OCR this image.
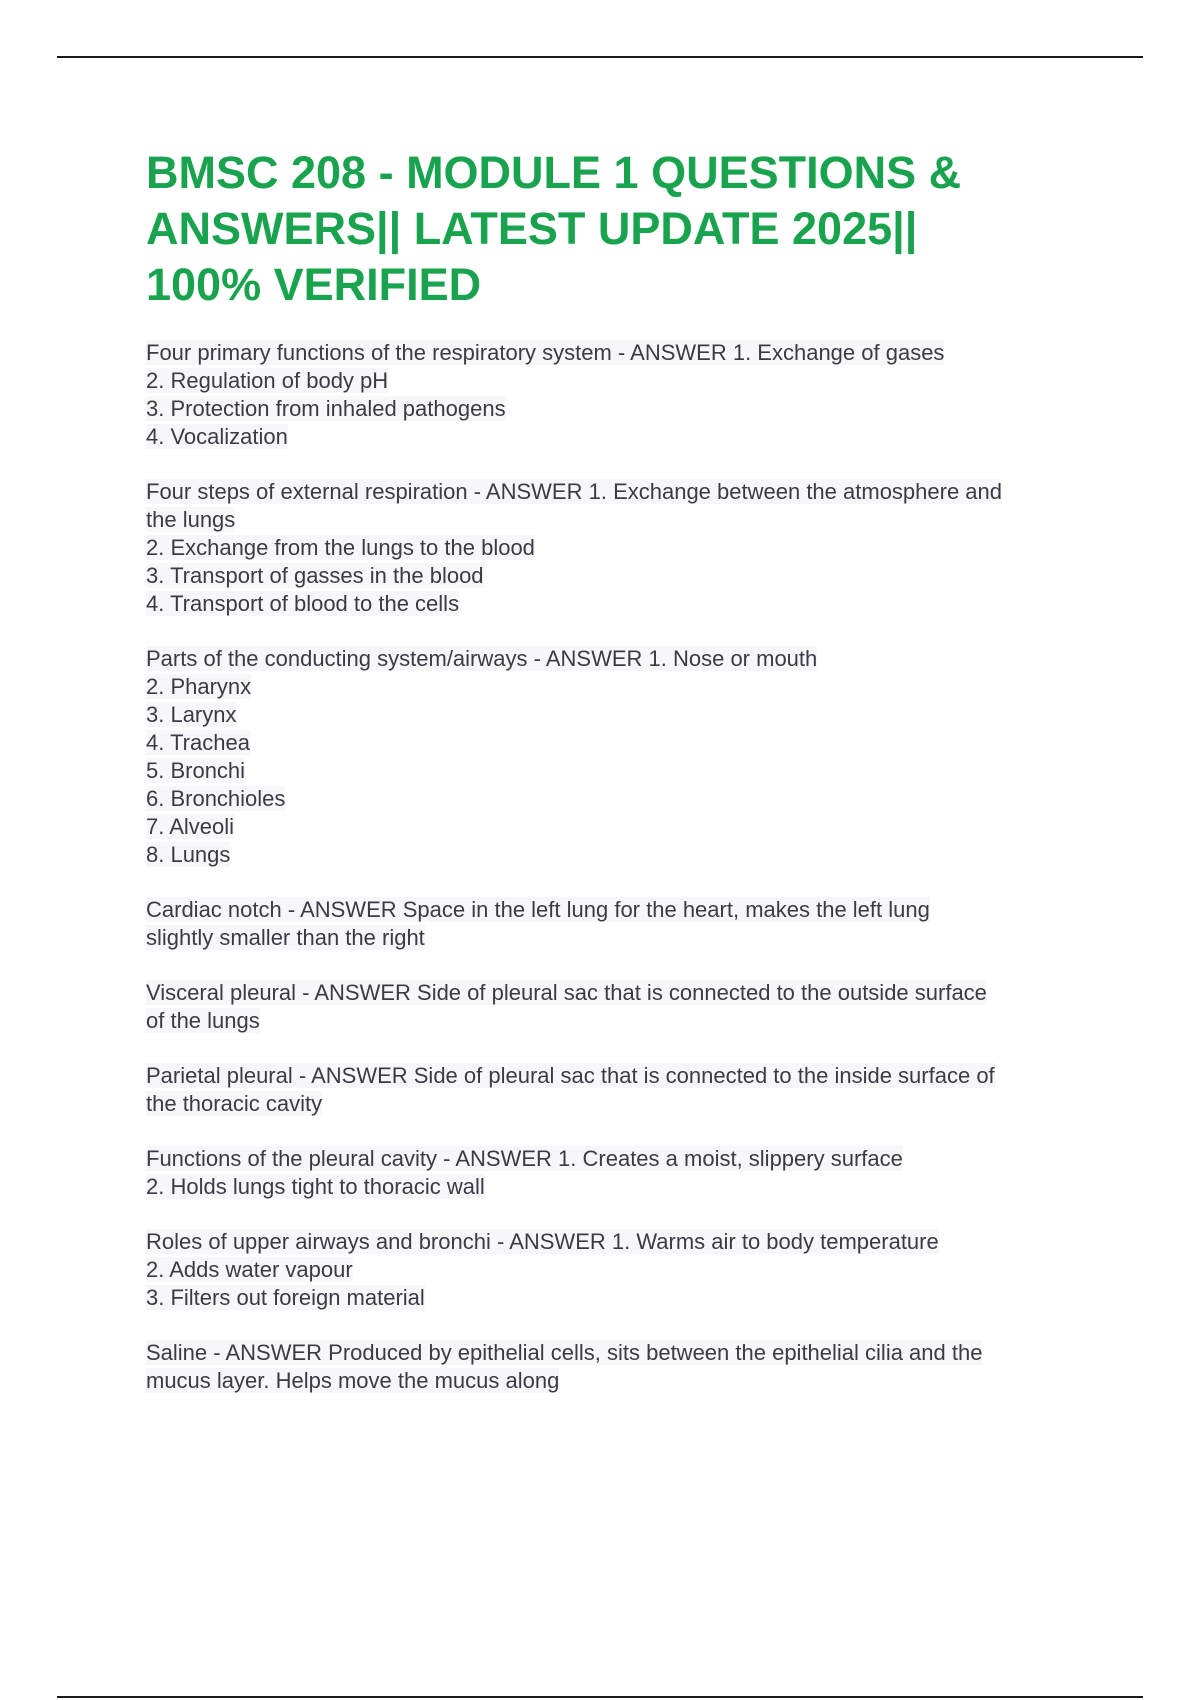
BMSC 208 - MODULE 1 QUESTIONS &
ANSWERS|| LATEST UPDATE 2025||
100% VERIFIED
Four primary functions of the respiratory system - ANSWER 1. Exchange of gases
2. Regulation of body pH
3. Protection from inhaled pathogens
4. Vocalization
Four steps of external respiration - ANSWER 1. Exchange between the atmosphere and
the lungs
2. Exchange from the lungs to the blood
3. Transport of gasses in the blood
4. Transport of blood to the cells
Parts of the conducting system/airways - ANSWER 1. Nose or mouth
2. Pharynx
3. Larynx
4. Trachea
5. Bronchi
6. Bronchioles
7. Alveoli
8. Lungs
Cardiac notch - ANSWER Space in the left lung for the heart, makes the left lung
slightly smaller than the right
Visceral pleural - ANSWER Side of pleural sac that is connected to the outside surface
of the lungs
Parietal pleural - ANSWER Side of pleural sac that is connected to the inside surface of
the thoracic cavity
Functions of the pleural cavity - ANSWER 1. Creates a moist, slippery surface
2. Holds lungs tight to thoracic wall
Roles of upper airways and bronchi - ANSWER 1. Warms air to body temperature
2. Adds water vapour
3. Filters out foreign material
Saline - ANSWER Produced by epithelial cells, sits between the epithelial cilia and the
mucus layer. Helps move the mucus along
